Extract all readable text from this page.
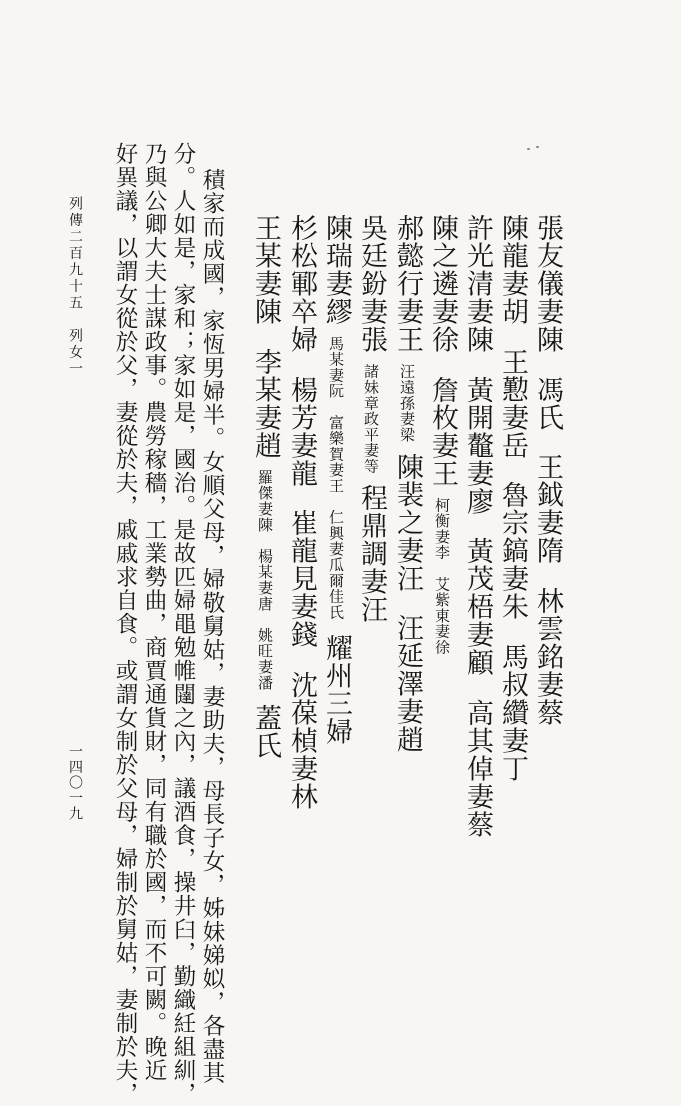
張友儀妻陳馮氏王鉞妻隋林雲銘妻蔡
陳龍妻胡王懃妻岳魯宗鎬妻朱馬叔纘妻丁
許光清妻陳黃開鼇妻廖黃茂梧妻顧高其倬妻蔡
陳之遴妻徐詹枚妻王柯衡妻李　艾紫東妻徐
郝懿行妻王汪遠孫妻梁陳裴之妻汪汪延澤妻趙
吳廷鈖妻張諸妹章政平妻等程鼎調妻汪
陳瑞妻繆馬某妻阮　富樂賀妻王　仁興妻瓜爾佳氏耀州三婦
杉松鄆卒婦楊芳妻龍崔龍見妻錢沈葆楨妻林
王某妻陳李某妻趙羅傑妻陳　楊某妻唐　姚旺妻潘蓋氏
積家而成國，家恆男婦半。女順父母，婦敬舅姑，妻助夫，母長子女，姊妹娣姒，各盡其
分。人如是，家和；家如是，國治。是故匹婦黽勉帷闥之內，議酒食，操井臼，勤織紝組紃，
乃與公卿大夫士謀政事。農勞稼穡，工業勢曲，商賈通貨財，同有職於國，而不可闕。晚近
好異議，以謂女從於父，妻從於夫，戚戚求自食。或謂女制於父母，婦制於舅姑，妻制於夫，
列傳二百九十五　列女一
一四〇一九
